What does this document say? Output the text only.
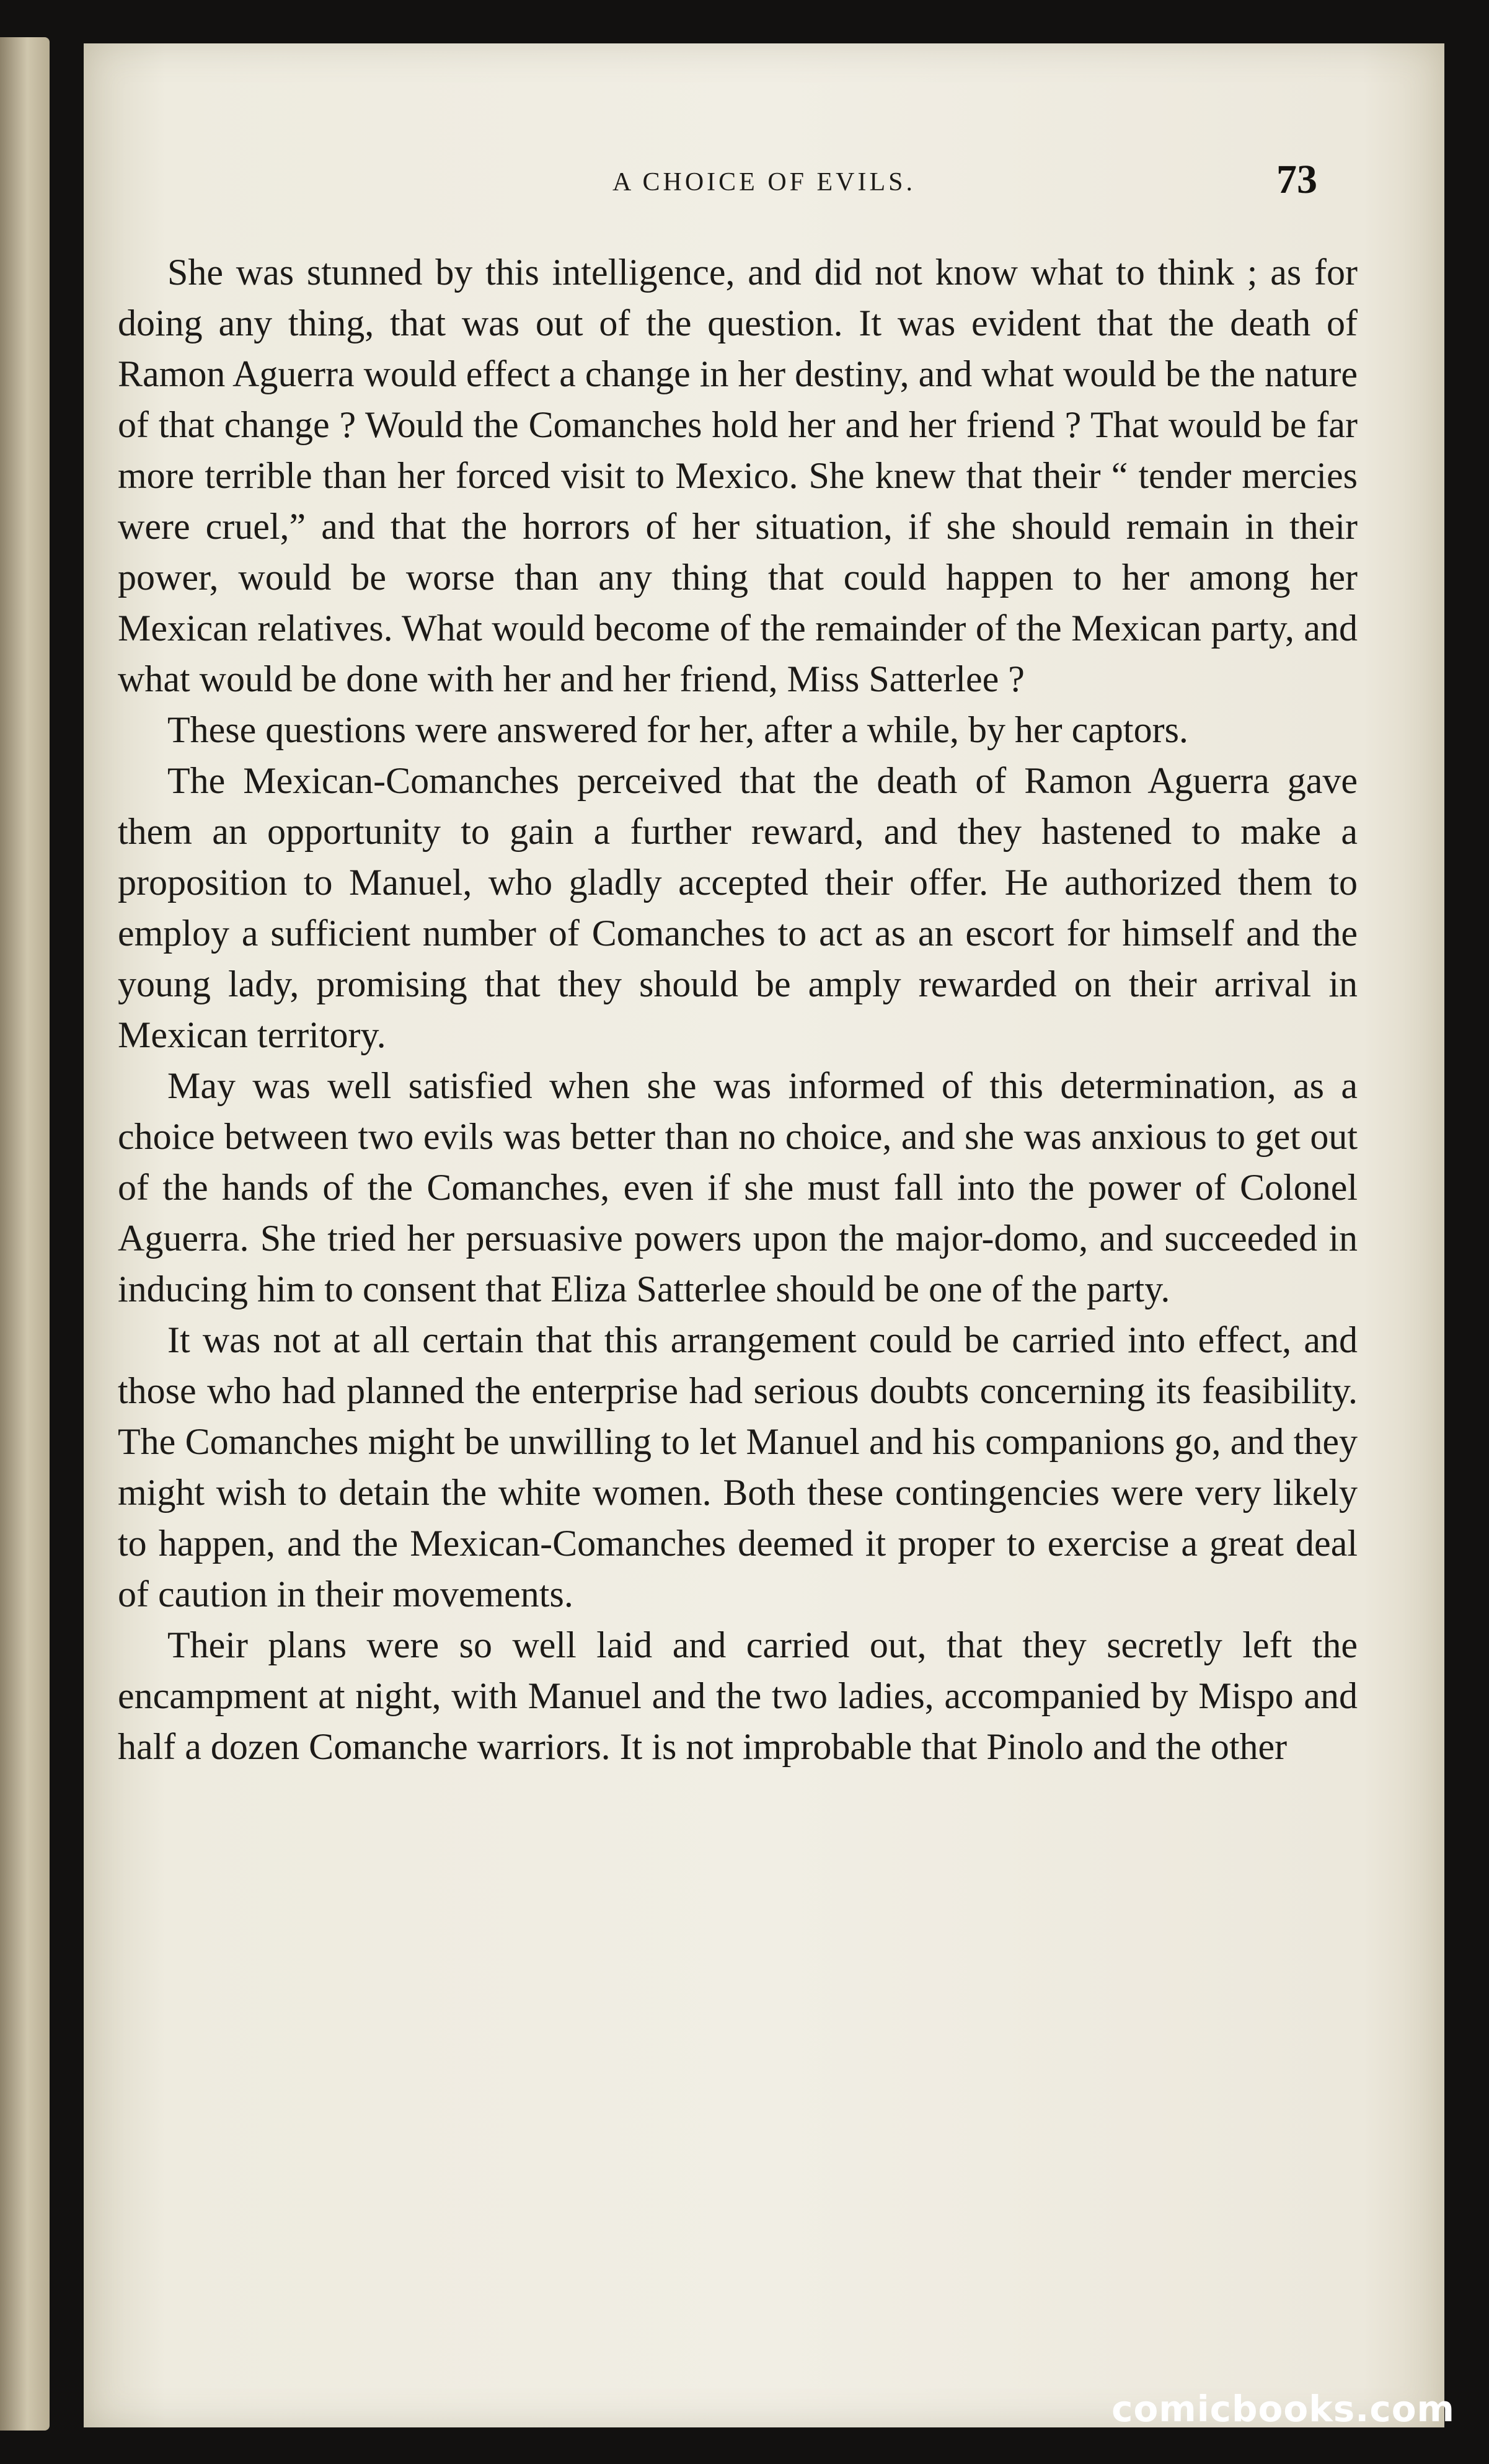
A CHOICE OF EVILS.	73

She was stunned by this intelligence, and did not know what to think ; as for doing any thing, that was out of the question. It was evident that the death of Ramon Aguerra would effect a change in her destiny, and what would be the nature of that change ? Would the Comanches hold her and her friend ? That would be far more terrible than her forced visit to Mexico. She knew that their “ tender mercies were cruel,” and that the horrors of her situation, if she should remain in their power, would be worse than any thing that could happen to her among her Mexican relatives. What would become of the remainder of the Mexican party, and what would be done with her and her friend, Miss Satterlee ?

These questions were answered for her, after a while, by her captors.

The Mexican-Comanches perceived that the death of Ramon Aguerra gave them an opportunity to gain a further reward, and they hastened to make a proposition to Manuel, who gladly accepted their offer. He authorized them to employ a sufficient number of Comanches to act as an escort for himself and the young lady, promising that they should be amply rewarded on their arrival in Mexican territory.

May was well satisfied when she was informed of this determination, as a choice between two evils was better than no choice, and she was anxious to get out of the hands of the Comanches, even if she must fall into the power of Colonel Aguerra. She tried her persuasive powers upon the major-domo, and succeeded in inducing him to consent that Eliza Satterlee should be one of the party.

It was not at all certain that this arrangement could be carried into effect, and those who had planned the enterprise had serious doubts concerning its feasibility. The Comanches might be unwilling to let Manuel and his companions go, and they might wish to detain the white women. Both these contingencies were very likely to happen, and the Mexican-Comanches deemed it proper to exercise a great deal of caution in their movements.

Their plans were so well laid and carried out, that they secretly left the encampment at night, with Manuel and the two ladies, accompanied by Mispo and half a dozen Comanche warriors. It is not improbable that Pinolo and the other

comicbooks.com
